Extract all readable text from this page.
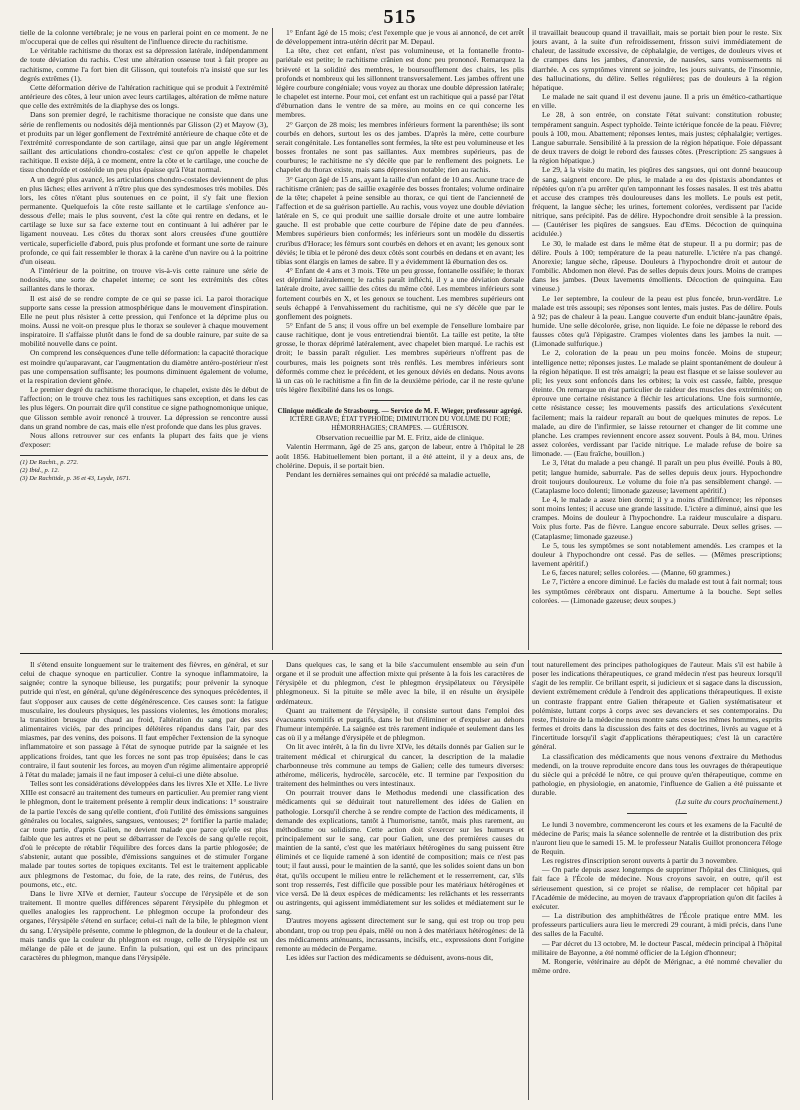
515

tielle de la colonne vertébrale; je ne vous en parlerai point en ce moment. Je ne m'occuperai que de celles qui résultent de l'influence directe du rachitisme.

Le véritable rachitisme du thorax est sa dépression latérale, indépendamment de toute déviation du rachis. C'est une altération osseuse tout à fait propre au rachitisme, comme l'a fort bien dit Glisson, qui toutefois n'a insisté que sur les degrés extrêmes (1).

Cette déformation dérive de l'altération rachitique qui se produit à l'extrémité antérieure des côtes, à leur union avec leurs cartilages, altération de même nature que celle des extrémités de la diaphyse des os longs.

Dans son premier degré, le rachitisme thoracique ne consiste que dans une série de renflements ou nodosités déjà mentionnés par Glisson (2) et Mayow (3), et produits par un léger gonflement de l'extrémité antérieure de chaque côte et de l'extrémité correspondante de son cartilage, ainsi que par un angle légèrement saillant des articulations chondro-costales: c'est ce qu'on appelle le chapelet rachitique. Il existe déjà, à ce moment, entre la côte et le cartilage, une couche de tissu chondroïde et ostéoïde un peu plus épaisse qu'à l'état normal.

A un degré plus avancé, les articulations chondro-costales deviennent de plus en plus lâches; elles arrivent à n'être plus que des syndesmoses très mobiles. Dès lors, les côtes n'étant plus soutenues en ce point, il s'y fait une flexion permanente. Quelquefois la côte reste saillante et le cartilage s'enfonce au-dessous d'elle; mais le plus souvent, c'est la côte qui rentre en dedans, et le cartilage se luxe sur sa face externe tout en continuant à lui adhérer par le ligament nouveau. Les côtes du thorax sont alors creusées d'une gouttière verticale, superficielle d'abord, puis plus profonde et formant une sorte de rainure profonde, ce qui fait ressembler le thorax à la carène d'un navire ou à la poitrine d'un oiseau.

A l'intérieur de la poitrine, on trouve vis-à-vis cette rainure une série de nodosités, une sorte de chapelet interne; ce sont les extrémités des côtes saillantes dans le thorax.

Il est aisé de se rendre compte de ce qui se passe ici. La paroi thoracique supporte sans cesse la pression atmosphérique dans le mouvement d'inspiration. Elle ne peut plus résister à cette pression, qui l'enfonce et la déprime plus ou moins. Aussi ne voit-on presque plus le thorax se soulever à chaque mouvement inspiratoire. Il s'affaisse plutôt dans le fond de sa double rainure, par suite de sa mobilité nouvelle dans ce point.

On comprend les conséquences d'une telle déformation: la capacité thoracique est moindre qu'auparavant, car l'augmentation du diamètre antéro-postérieur n'est pas une compensation suffisante; les poumons diminuent également de volume, et la respiration devient gênée.

Le premier degré du rachitisme thoracique, le chapelet, existe dès le début de l'affection; on le trouve chez tous les rachitiques sans exception, et dans les cas les plus légers. On pourrait dire qu'il constitue ce signe pathognomonique unique, que Glisson semble avoir renoncé à trouver. La dépression se rencontre aussi dans un grand nombre de cas, mais elle n'est profonde que dans les plus graves.

Nous allons retrouver sur ces enfants la plupart des faits que je viens d'exposer:

(1) De Rachit., p. 272.
(2) Ibid., p. 12.
(3) De Rachitide, p. 36 et 43, Leyde, 1671.

1° Enfant âgé de 15 mois; c'est l'exemple que je vous ai annoncé, de cet arrêt de développement intra-utérin décrit par M. Depaul.

La tête, chez cet enfant, n'est pas volumineuse, et la fontanelle fronto-pariétale est petite; le rachitisme crânien est donc peu prononcé. Remarquez la brièveté et la solidité des membres, le boursoufflement des chairs, les plis profonds et nombreux qui les sillonnent transversalement. Les jambes offrent une légère courbure congéniale; vous voyez au thorax une double dépression latérale; le chapelet est interne. Pour moi, cet enfant est un rachitique qui a passé par l'état d'éburnation dans le ventre de sa mère, au moins en ce qui concerne les membres.

2° Garçon de 28 mois; les membres inférieurs forment la parenthèse; ils sont courbés en dehors, surtout les os des jambes. D'après la mère, cette courbure serait congénitale. Les fontanelles sont fermées, la tête est peu volumineuse et les bosses frontales ne sont pas saillantes. Aux membres supérieurs, pas de courbures; le rachitisme ne s'y décèle que par le renflement des poignets. Le chapelet du thorax existe, mais sans dépression notable; rien au rachis.

3° Garçon âgé de 15 ans, ayant la taille d'un enfant de 10 ans. Aucune trace de rachitisme crânien; pas de saillie exagérée des bosses frontales; volume ordinaire de la tête; chapelet à peine sensible au thorax, ce qui tient de l'ancienneté de l'affection et de sa guérison partielle. Au rachis, vous voyez une double déviation latérale en S, ce qui produit une saillie dorsale droite et une autre lombaire gauche. Il est probable que cette courbure de l'épine date de peu d'années. Membres supérieurs bien conformés; les inférieurs sont un modèle du dissertis crurïbus d'Horace; les fémurs sont courbés en dehors et en avant; les genoux sont déviés; le tibia et le péroné des deux côtés sont courbés en dedans et en avant; les tibias sont élargis en lames de sabre. Il y a évidemment là éburnation des os.

4° Enfant de 4 ans et 3 mois. Tête un peu grosse, fontanelle ossifiée; le thorax est déprimé latéralement; le rachis paraît infléchi, il y a une déviation dorsale latérale droite, avec saillie des côtes du même côté. Les membres inférieurs sont fortement courbés en X, et les genoux se touchent. Les membres supérieurs ont seuls échappé à l'envahissement du rachitisme, qui ne s'y décèle que par le gonflement des poignets.

5° Enfant de 5 ans; il vous offre un bel exemple de l'ensellure lombaire par cause rachitique, dont je vous entretiendrai bientôt. La taille est petite, la tête grosse, le thorax déprimé latéralement, avec chapelet bien marqué. Le rachis est droit; le bassin paraît régulier. Les membres supérieurs n'offrent pas de courbures, mais les poignets sont très renflés. Les membres inférieurs sont déformés comme chez le précédent, et les genoux déviés en dedans. Nous avons là un cas où le rachitisme a fin fin de la deuxième période, car il ne reste qu'une très légère flexibilité dans les os longs.

Clinique médicale de Strasbourg. — Service de M. F. Wieger, professeur agrégé.

ICTÈRE GRAVE; ÉTAT TYPHOÏDE; DIMINUTION DU VOLUME DU FOIE; HÉMORRHAGIES; CRAMPES. — GUÉRISON.

Observation recueillie par M. E. Fritz, aide de clinique.

Valentin Herrmann, âgé de 25 ans, garçon de labeur, entre à l'hôpital le 28 août 1856. Habituellement bien portant, il a été atteint, il y a deux ans, de cholérine. Depuis, il se portait bien.

Pendant les dernières semaines qui ont précédé sa maladie actuelle,

il travaillait beaucoup quand il travaillait, mais se portait bien pour le reste. Six jours avant, à la suite d'un refroidissement, frisson suivi immédiatement de chaleur, de lassitude excessive, de céphalalgie, de vertiges, de douleurs vives et de crampes dans les jambes, d'anorexie, de nausées, sans vomissements ni diarrhée. A ces symptômes vinrent se joindre, les jours suivants, de l'insomnie, des hallucinations, du délire. Selles régulières; pas de douleurs à la région hépatique.

Le malade ne sait quand il est devenu jaune. Il a pris un émético-cathartique en ville.

Le 28, à son entrée, on constate l'état suivant: constitution robuste; tempérament sanguin. Aspect typhoïde. Teinte ictérique foncée de la peau. Fièvre; pouls à 100, mou. Abattement; réponses lentes, mais justes; céphalalgie; vertiges. Langue saburrale. Sensibilité à la pression de la région hépatique. Foie dépassant de deux travers de doigt le rebord des fausses côtes. (Prescription: 25 sangsues à la région hépatique.)

Le 29, à la visite du matin, les piqûres des sangsues, qui ont donné beaucoup de sang, saignent encore. De plus, le malade a eu des épistaxis abondantes et répétées qu'on n'a pu arrêter qu'en tamponnant les fosses nasales. Il est très abattu et accuse des crampes très douloureuses dans les mollets. Le pouls est petit, fréquent, la langue sèche; les urines, fortement colorées, verdissent par l'acide nitrique, sans précipité. Pas de délire. Hypochondre droit sensible à la pression. — (Cautériser les piqûres de sangsues. Eau d'Ems. Décoction de quinquina acidulée.)

Le 30, le malade est dans le même état de stupeur. Il a pu dormir; pas de délire. Pouls à 100; température de la peau naturelle. L'ictère n'a pas changé. Anorexie; langue sèche, râpeuse. Douleurs à l'hypochondre droit et autour de l'ombilic. Abdomen non élevé. Pas de selles depuis deux jours. Moins de crampes dans les jambes. (Deux lavements émollients. Décoction de quinquina. Eau vineuse.)

Le 1er septembre, la couleur de la peau est plus foncée, brun-verdâtre. Le malade est très assoupi; ses réponses sont lentes, mais justes. Pas de délire. Pouls à 92; pas de chaleur à la peau. Langue couverte d'un enduit blanc-jaunâtre épais, humide. Une selle décolorée, grise, non liquide. Le foie ne dépasse le rebord des fausses côtes qu'à l'épigastre. Crampes violentes dans les jambes la nuit. — (Limonade sulfurique.)

Le 2, coloration de la peau un peu moins foncée. Moins de stupeur; intelligence nette; réponses justes. Le malade se plaint spontanément de douleur à la région hépatique. Il est très amaigri; la peau est flasque et se laisse soulever au pli; les yeux sont enfoncés dans les orbites; la voix est cassée, faible, presque éteinte. On remarque un état particulier de raideur des muscles des extrémités; on éprouve une certaine résistance à fléchir les articulations. Une fois surmontée, cette résistance cesse; les mouvements passifs des articulations s'exécutent facilement; mais la raideur reparaît au bout de quelques minutes de repos. Le malade, au dire de l'infirmier, se laisse retourner et changer de lit comme une planche. Les crampes reviennent encore assez souvent. Pouls à 84, mou. Urines assez colorées, verdissant par l'acide nitrique. Le malade refuse de boire sa limonade. — (Eau fraîche, bouillon.)

Le 3, l'état du malade a peu changé. Il paraît un peu plus éveillé. Pouls à 80, petit; langue humide, saburrale. Pas de selles depuis deux jours. Hypochondre droit toujours douloureux. Le volume du foie n'a pas sensiblement changé. — (Cataplasme loco dolenti; limonade gazeuse; lavement apéritif.)

Le 4, le malade a assez bien dormi; il y a moins d'indifférence; les réponses sont moins lentes; il accuse une grande lassitude. L'ictère a diminué, ainsi que les crampes. Moins de douleur à l'hypochondre. La raideur musculaire a disparu. Voix plus forte. Pas de fièvre. Langue encore saburrale. Deux selles grises. — (Cataplasme; limonade gazeuse.)

Le 5, tous les symptômes se sont notablement amendés. Les crampes et la douleur à l'hypochondre ont cessé. Pas de selles. — (Mêmes prescriptions; lavement apéritif.)

Le 6, fæces naturel; selles colorées. — (Manne, 60 grammes.)

Le 7, l'ictère a encore diminué. Le faciès du malade est tout à fait normal; tous les symptômes cérébraux ont disparu. Amertume à la bouche. Sept selles colorées. — (Limonade gazeuse; deux soupes.)

Il s'étend ensuite longuement sur le traitement des fièvres, en général, et sur celui de chaque synoque en particulier. Contre la synoque inflammatoire, la saignée; contre la synoque bilieuse, les purgatifs; pour prévenir la synoque putride qui n'est, en général, qu'une dégénérescence des synoques précédentes, il faut s'opposer aux causes de cette dégénérescence. Ces causes sont: la fatigue musculaire, les douleurs physiques, les passions violentes, les émotions morales; la transition brusque du chaud au froid, l'altération du sang par des sucs alimentaires viciés, par des principes délétères répandus dans l'air, par des miasmes, par des venins, des poisons. Il faut empêcher l'extension de la synoque inflammatoire et son passage à l'état de synoque putride par la saignée et les applications froides, tant que les forces ne sont pas trop épuisées; dans le cas contraire, il faut soutenir les forces, au moyen d'un régime alimentaire approprié à l'état du malade; jamais il ne faut imposer à celui-ci une diète absolue.

Telles sont les considérations développées dans les livres XIe et XIIe. Le livre XIIIe est consacré au traitement des tumeurs en particulier. Au premier rang vient le phlegmon, dont le traitement présente à remplir deux indications: 1° soustraire de la partie l'excès de sang qu'elle contient, d'où l'utilité des émissions sanguines générales ou locales, saignées, sangsues, ventouses; 2° fortifier la partie malade; car toute partie, d'après Galien, ne devient malade que parce qu'elle est plus faible que les autres et ne peut se débarrasser de l'excès de sang qu'elle reçoit, d'où le précepte de rétablir l'équilibre des forces dans la partie phlogosée; de s'abstenir, autant que possible, d'émissions sanguines et de stimuler l'organe malade par toutes sortes de topiques excitants. Tel est le traitement applicable aux phlegmons de l'estomac, du foie, de la rate, des reins, de l'utérus, des poumons, etc., etc.

Dans le livre XIVe et dernier, l'auteur s'occupe de l'érysipèle et de son traitement. Il montre quelles différences séparent l'érysipèle du phlegmon et quelles analogies les rapprochent. Le phlegmon occupe la profondeur des organes, l'érysipèle s'étend en surface; celui-ci naît de la bile, le phlegmon vient du sang. L'érysipèle présente, comme le phlegmon, de la douleur et de la chaleur, mais tandis que la couleur du phlegmon est rouge, celle de l'érysipèle est un mélange de pâle et de jaune. Enfin la pulsation, qui est un des principaux caractères du phlegmon, manque dans l'érysipèle.

Dans quelques cas, le sang et la bile s'accumulent ensemble au sein d'un organe et il se produit une affection mixte qui présente à la fois les caractères de l'érysipèle et du phlegmon, c'est le phlegmon érysipélateux ou l'érysipèle phlegmoneux. Si la pituite se mêle avec la bile, il en résulte un érysipèle œdémateux.

Quant au traitement de l'érysipèle, il consiste surtout dans l'emploi des évacuants vomitifs et purgatifs, dans le but d'éliminer et d'expulser au dehors l'humeur intempérée. La saignée est très rarement indiquée et seulement dans les cas où il y a mélange d'érysipèle et de phlegmon.

On lit avec intérêt, à la fin du livre XIVe, les détails donnés par Galien sur le traitement médical et chirurgical du cancer, la description de la maladie charbonneuse très commune au temps de Galien; celle des tumeurs diverses: athérome, méliceris, hydrocèle, sarcocèle, etc. Il termine par l'exposition du traitement des helminthes ou vers intestinaux.

On pourrait trouver dans le Methodus medendi une classification des médicaments qui se déduirait tout naturellement des idées de Galien en pathologie. Lorsqu'il cherche à se rendre compte de l'action des médicaments, il demande des explications, tantôt à l'humorisme, tantôt, mais plus rarement, au méthodisme ou solidisme. Cette action doit s'exercer sur les humeurs et principalement sur le sang, car pour Galien, une des premières causes du maintien de la santé, c'est que les matériaux hétérogènes du sang puissent être éliminés et ce liquide ramené à son identité de composition; mais ce n'est pas tout; il faut aussi, pour le maintien de la santé, que les solides soient dans un bon état, qu'ils occupent le milieu entre le relâchement et le resserrement, car, s'ils sont trop resserrés, l'est difficile que possible pour les matériaux hétérogènes et vice versâ. De là deux espèces de médicaments: les relâchants et les resserrants ou astringents, qui agissent immédiatement sur les solides et médiatement sur le sang.

D'autres moyens agissent directement sur le sang, qui est trop ou trop peu abondant, trop ou trop peu épais, mêlé ou non à des matériaux hétérogènes: de là des médicaments atténuants, incrassants, incisifs, etc., expressions dont l'origine remonte au médecin de Pergame.

Les idées sur l'action des médicaments se déduisent, avons-nous dit,

tout naturellement des principes pathologiques de l'auteur. Mais s'il est habile à poser les indications thérapeutiques, ce grand médecin n'est pas heureux lorsqu'il s'agit de les remplir. Ce brillant esprit, si judicieux et si sagace dans la discussion, devient extrêmement crédule à l'endroit des applications thérapeutiques. Il existe un contraste frappant entre Galien thérapeute et Galien systématisateur et polémiste, luttant corps à corps avec ses devanciers et ses contemporains. Du reste, l'histoire de la médecine nous montre sans cesse les mêmes hommes, esprits fermes et droits dans la discussion des faits et des doctrines, livrés au vague et à l'incertitude lorsqu'il s'agit d'applications thérapeutiques; c'est là un caractère général.

La classification des médicaments que nous venons d'extraire du Methodus medendi, on la trouve reproduite encore dans tous les ouvrages de thérapeutique du siècle qui a précédé le nôtre, ce qui prouve qu'en thérapeutique, comme en pathologie, en physiologie, en anatomie, l'influence de Galien a été puissante et durable.

(La suite du cours prochainement.)

Le lundi 3 novembre, commenceront les cours et les examens de la Faculté de médecine de Paris; mais la séance solennelle de rentrée et la distribution des prix n'auront lieu que le samedi 15. M. le professeur Natalis Guillot prononcera l'éloge de Requin.

Les registres d'inscription seront ouverts à partir du 3 novembre.

— On parle depuis assez longtemps de supprimer l'hôpital des Cliniques, qui fait face à l'École de médecine. Nous croyons savoir, en outre, qu'il est sérieusement question, si ce projet se réalise, de remplacer cet hôpital par l'Académie de médecine, au moyen de travaux d'appropriation qu'on dit faciles à exécuter.

— La distribution des amphithéâtres de l'École pratique entre MM. les professeurs particuliers aura lieu le mercredi 29 courant, à midi précis, dans l'une des salles de la Faculté.

— Par décret du 13 octobre, M. le docteur Pascal, médecin principal à l'hôpital militaire de Bayonne, a été nommé officier de la Légion d'honneur;

M. Rongerie, vétérinaire au dépôt de Mérignac, a été nommé chevalier du même ordre.
